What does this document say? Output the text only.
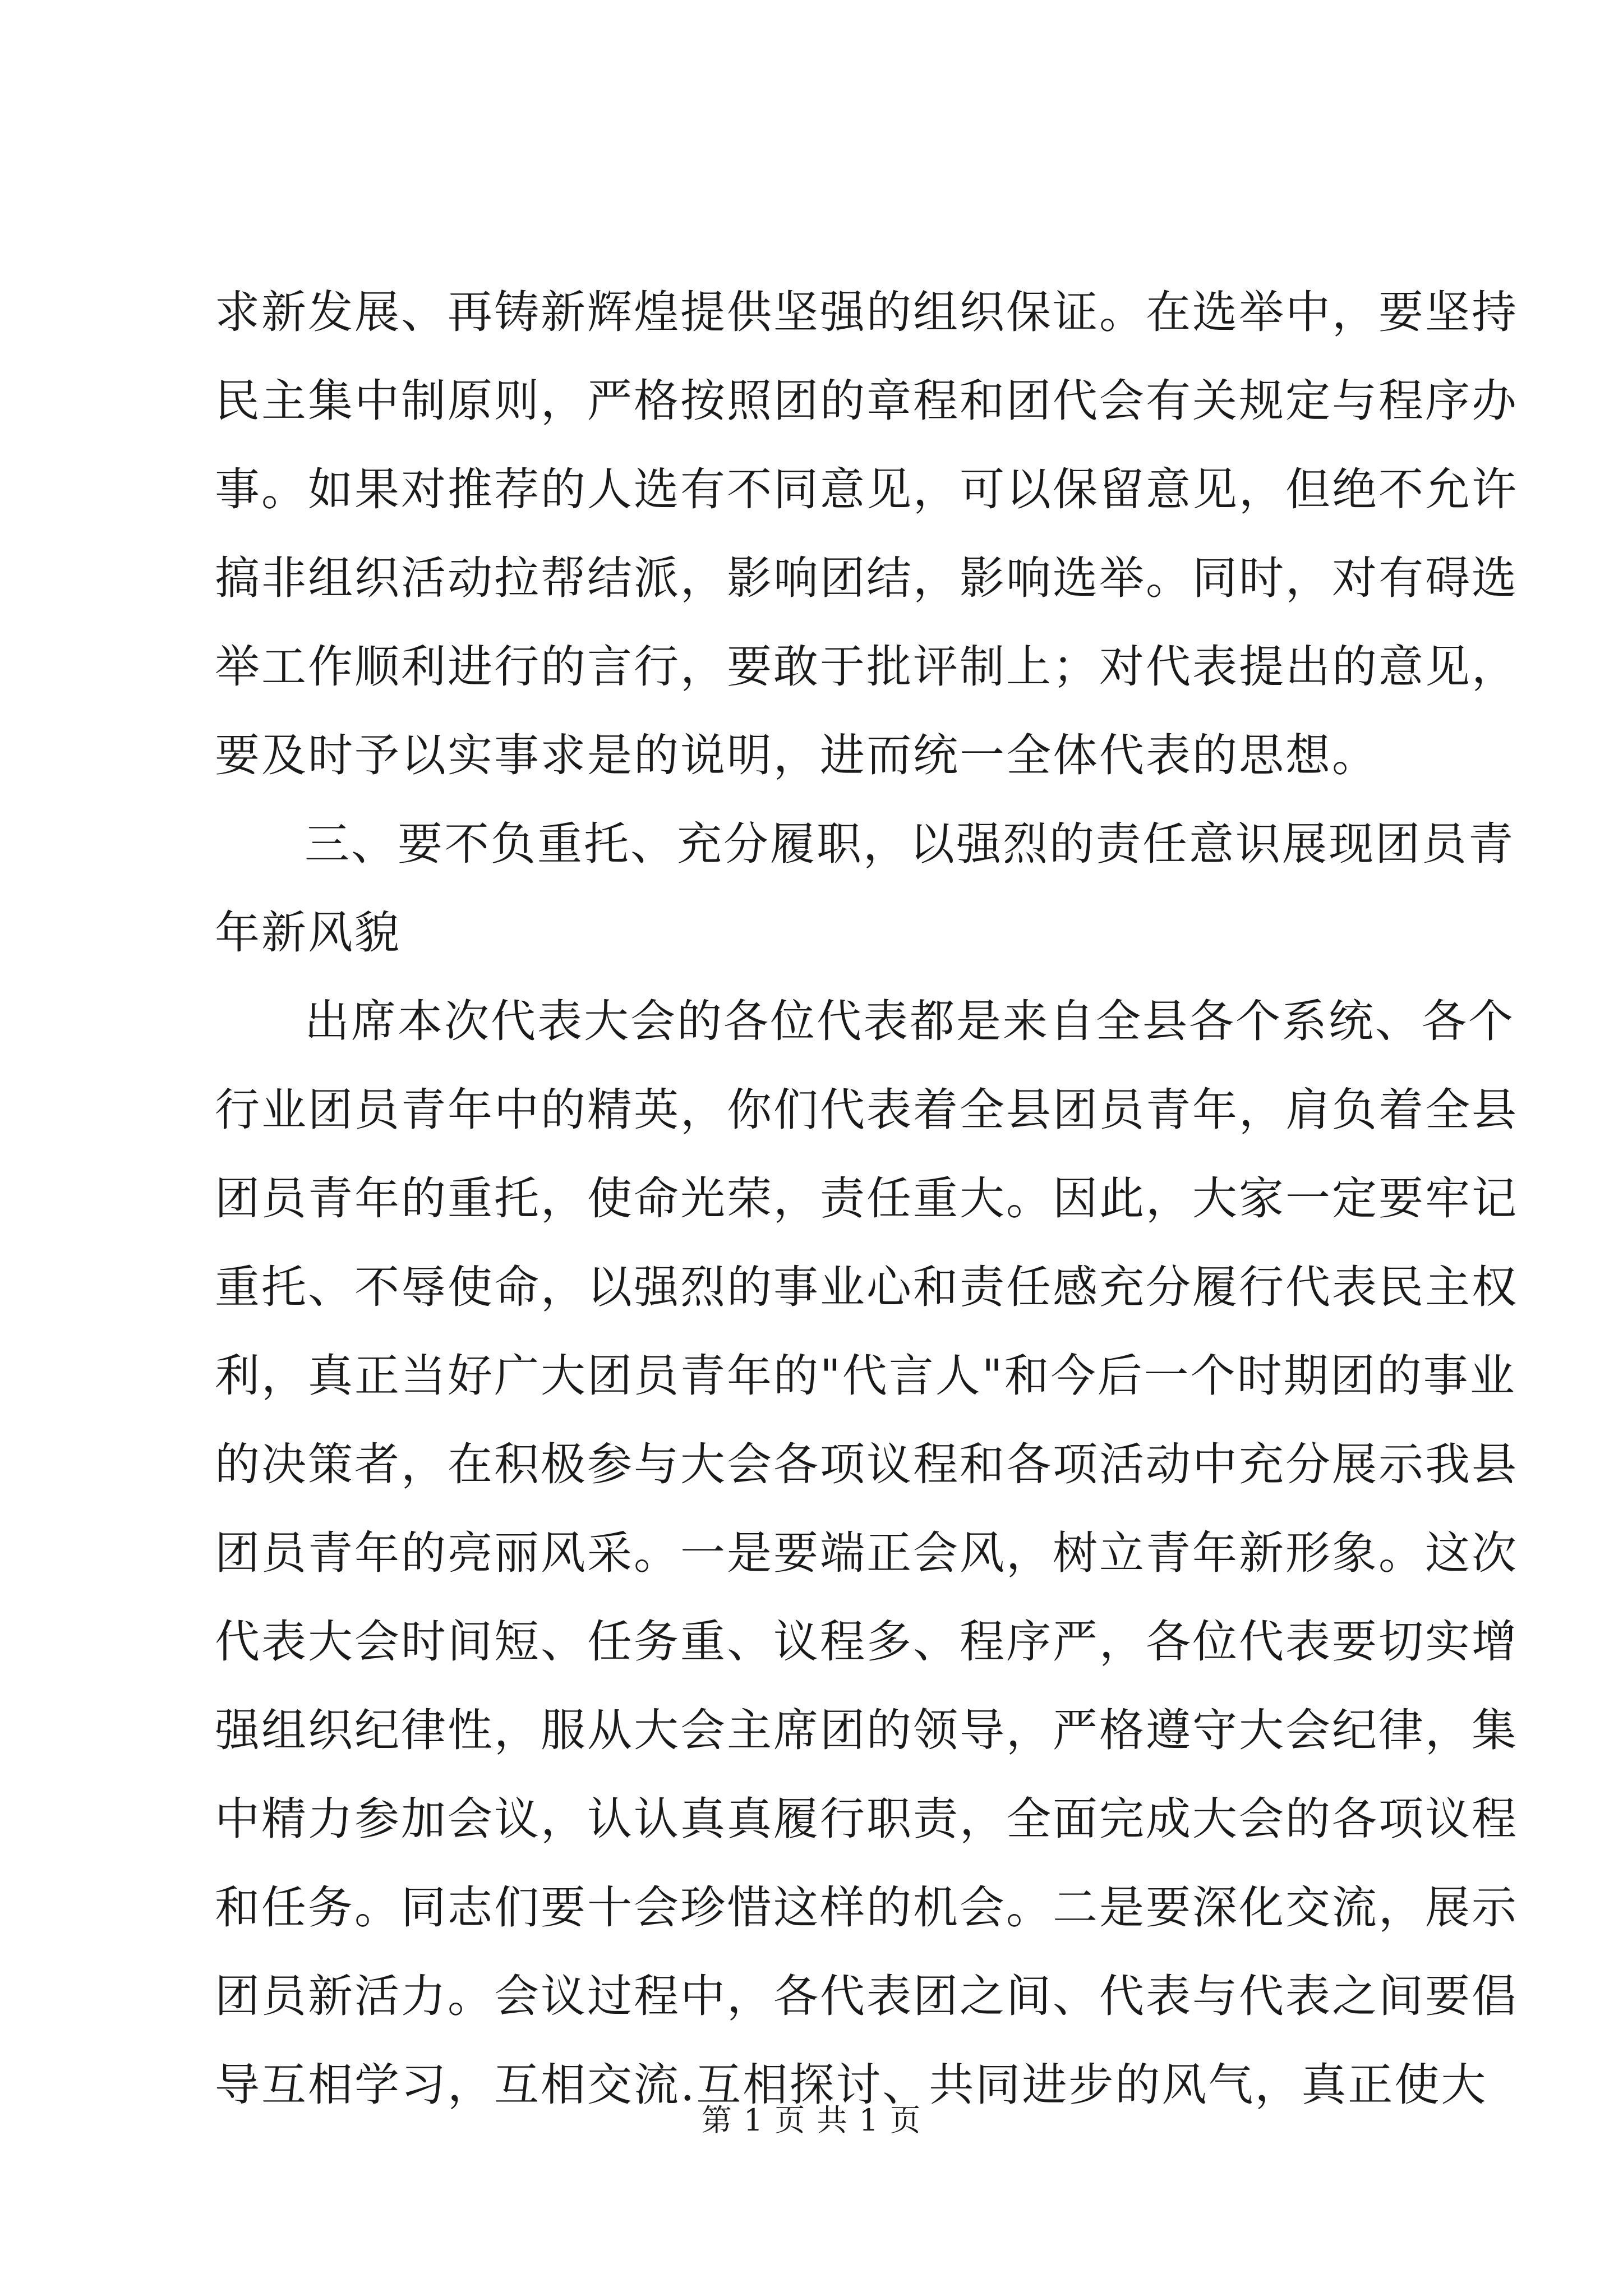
求新发展、再铸新辉煌提供坚强的组织保证。在选举中，要坚持
民主集中制原则，严格按照团的章程和团代会有关规定与程序办
事。如果对推荐的人选有不同意见，可以保留意见，但绝不允许
搞非组织活动拉帮结派，影响团结，影响选举。同时，对有碍选
举工作顺利进行的言行，要敢于批评制上；对代表提出的意见，
要及时予以实事求是的说明，进而统一全体代表的思想。
三、要不负重托、充分履职，以强烈的责任意识展现团员青
年新风貌
出席本次代表大会的各位代表都是来自全县各个系统、各个
行业团员青年中的精英，你们代表着全县团员青年，肩负着全县
团员青年的重托，使命光荣，责任重大。因此，大家一定要牢记
重托、不辱使命，以强烈的事业心和责任感充分履行代表民主权
利，真正当好广大团员青年的"代言人"和今后一个时期团的事业
的决策者，在积极参与大会各项议程和各项活动中充分展示我县
团员青年的亮丽风采。一是要端正会风，树立青年新形象。这次
代表大会时间短、任务重、议程多、程序严，各位代表要切实增
强组织纪律性，服从大会主席团的领导，严格遵守大会纪律，集
中精力参加会议，认认真真履行职责，全面完成大会的各项议程
和任务。同志们要十会珍惜这样的机会。二是要深化交流，展示
团员新活力。会议过程中，各代表团之间、代表与代表之间要倡
导互相学习，互相交流.互相探讨、共同进步的风气，真正使大
第 1 页 共 1 页
